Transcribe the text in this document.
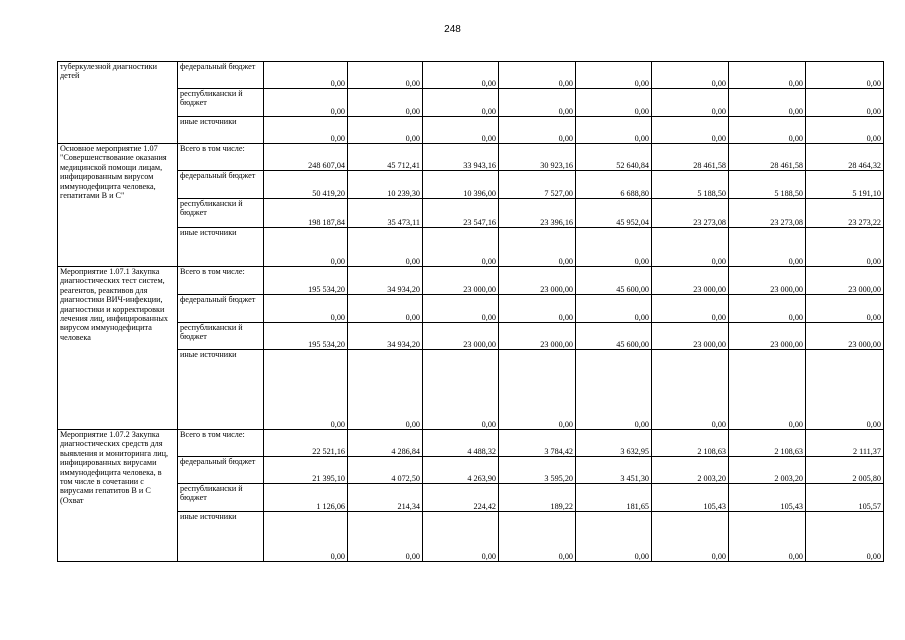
248
туберкулезной диагностики детей	федеральный бюджет	0,00	0,00	0,00	0,00	0,00	0,00	0,00	0,00
	республикански й бюджет	0,00	0,00	0,00	0,00	0,00	0,00	0,00	0,00
	иные источники	0,00	0,00	0,00	0,00	0,00	0,00	0,00	0,00

Основное мероприятие 1.07 "Совершенствование оказания медицинской помощи лицам, инфицированным вирусом иммунодефицита человека, гепатитами В и С"	Всего в том числе:	248 607,04	45 712,41	33 943,16	30 923,16	52 640,84	28 461,58	28 461,58	28 464,32
	федеральный бюджет	50 419,20	10 239,30	10 396,00	7 527,00	6 688,80	5 188,50	5 188,50	5 191,10
	республикански й бюджет	198 187,84	35 473,11	23 547,16	23 396,16	45 952,04	23 273,08	23 273,08	23 273,22
	иные источники	0,00	0,00	0,00	0,00	0,00	0,00	0,00	0,00

Мероприятие 1.07.1 Закупка диагностических тест систем, реагентов, реактивов для диагностики ВИЧ-инфекции, диагностики и корректировки лечения лиц, инфицированных вирусом иммунодефицита человека	Всего в том числе:	195 534,20	34 934,20	23 000,00	23 000,00	45 600,00	23 000,00	23 000,00	23 000,00
	федеральный бюджет	0,00	0,00	0,00	0,00	0,00	0,00	0,00	0,00
	республикански й бюджет	195 534,20	34 934,20	23 000,00	23 000,00	45 600,00	23 000,00	23 000,00	23 000,00
	иные источники	0,00	0,00	0,00	0,00	0,00	0,00	0,00	0,00

Мероприятие 1.07.2 Закупка диагностических средств для выявления и мониторинга лиц, инфицированных вирусами иммунодефицита человека, в том числе в сочетании с вирусами гепатитов В и С (Охват	Всего в том числе:	22 521,16	4 286,84	4 488,32	3 784,42	3 632,95	2 108,63	2 108,63	2 111,37
	федеральный бюджет	21 395,10	4 072,50	4 263,90	3 595,20	3 451,30	2 003,20	2 003,20	2 005,80
	республикански й бюджет	1 126,06	214,34	224,42	189,22	181,65	105,43	105,43	105,57
	иные источники	0,00	0,00	0,00	0,00	0,00	0,00	0,00	0,00
